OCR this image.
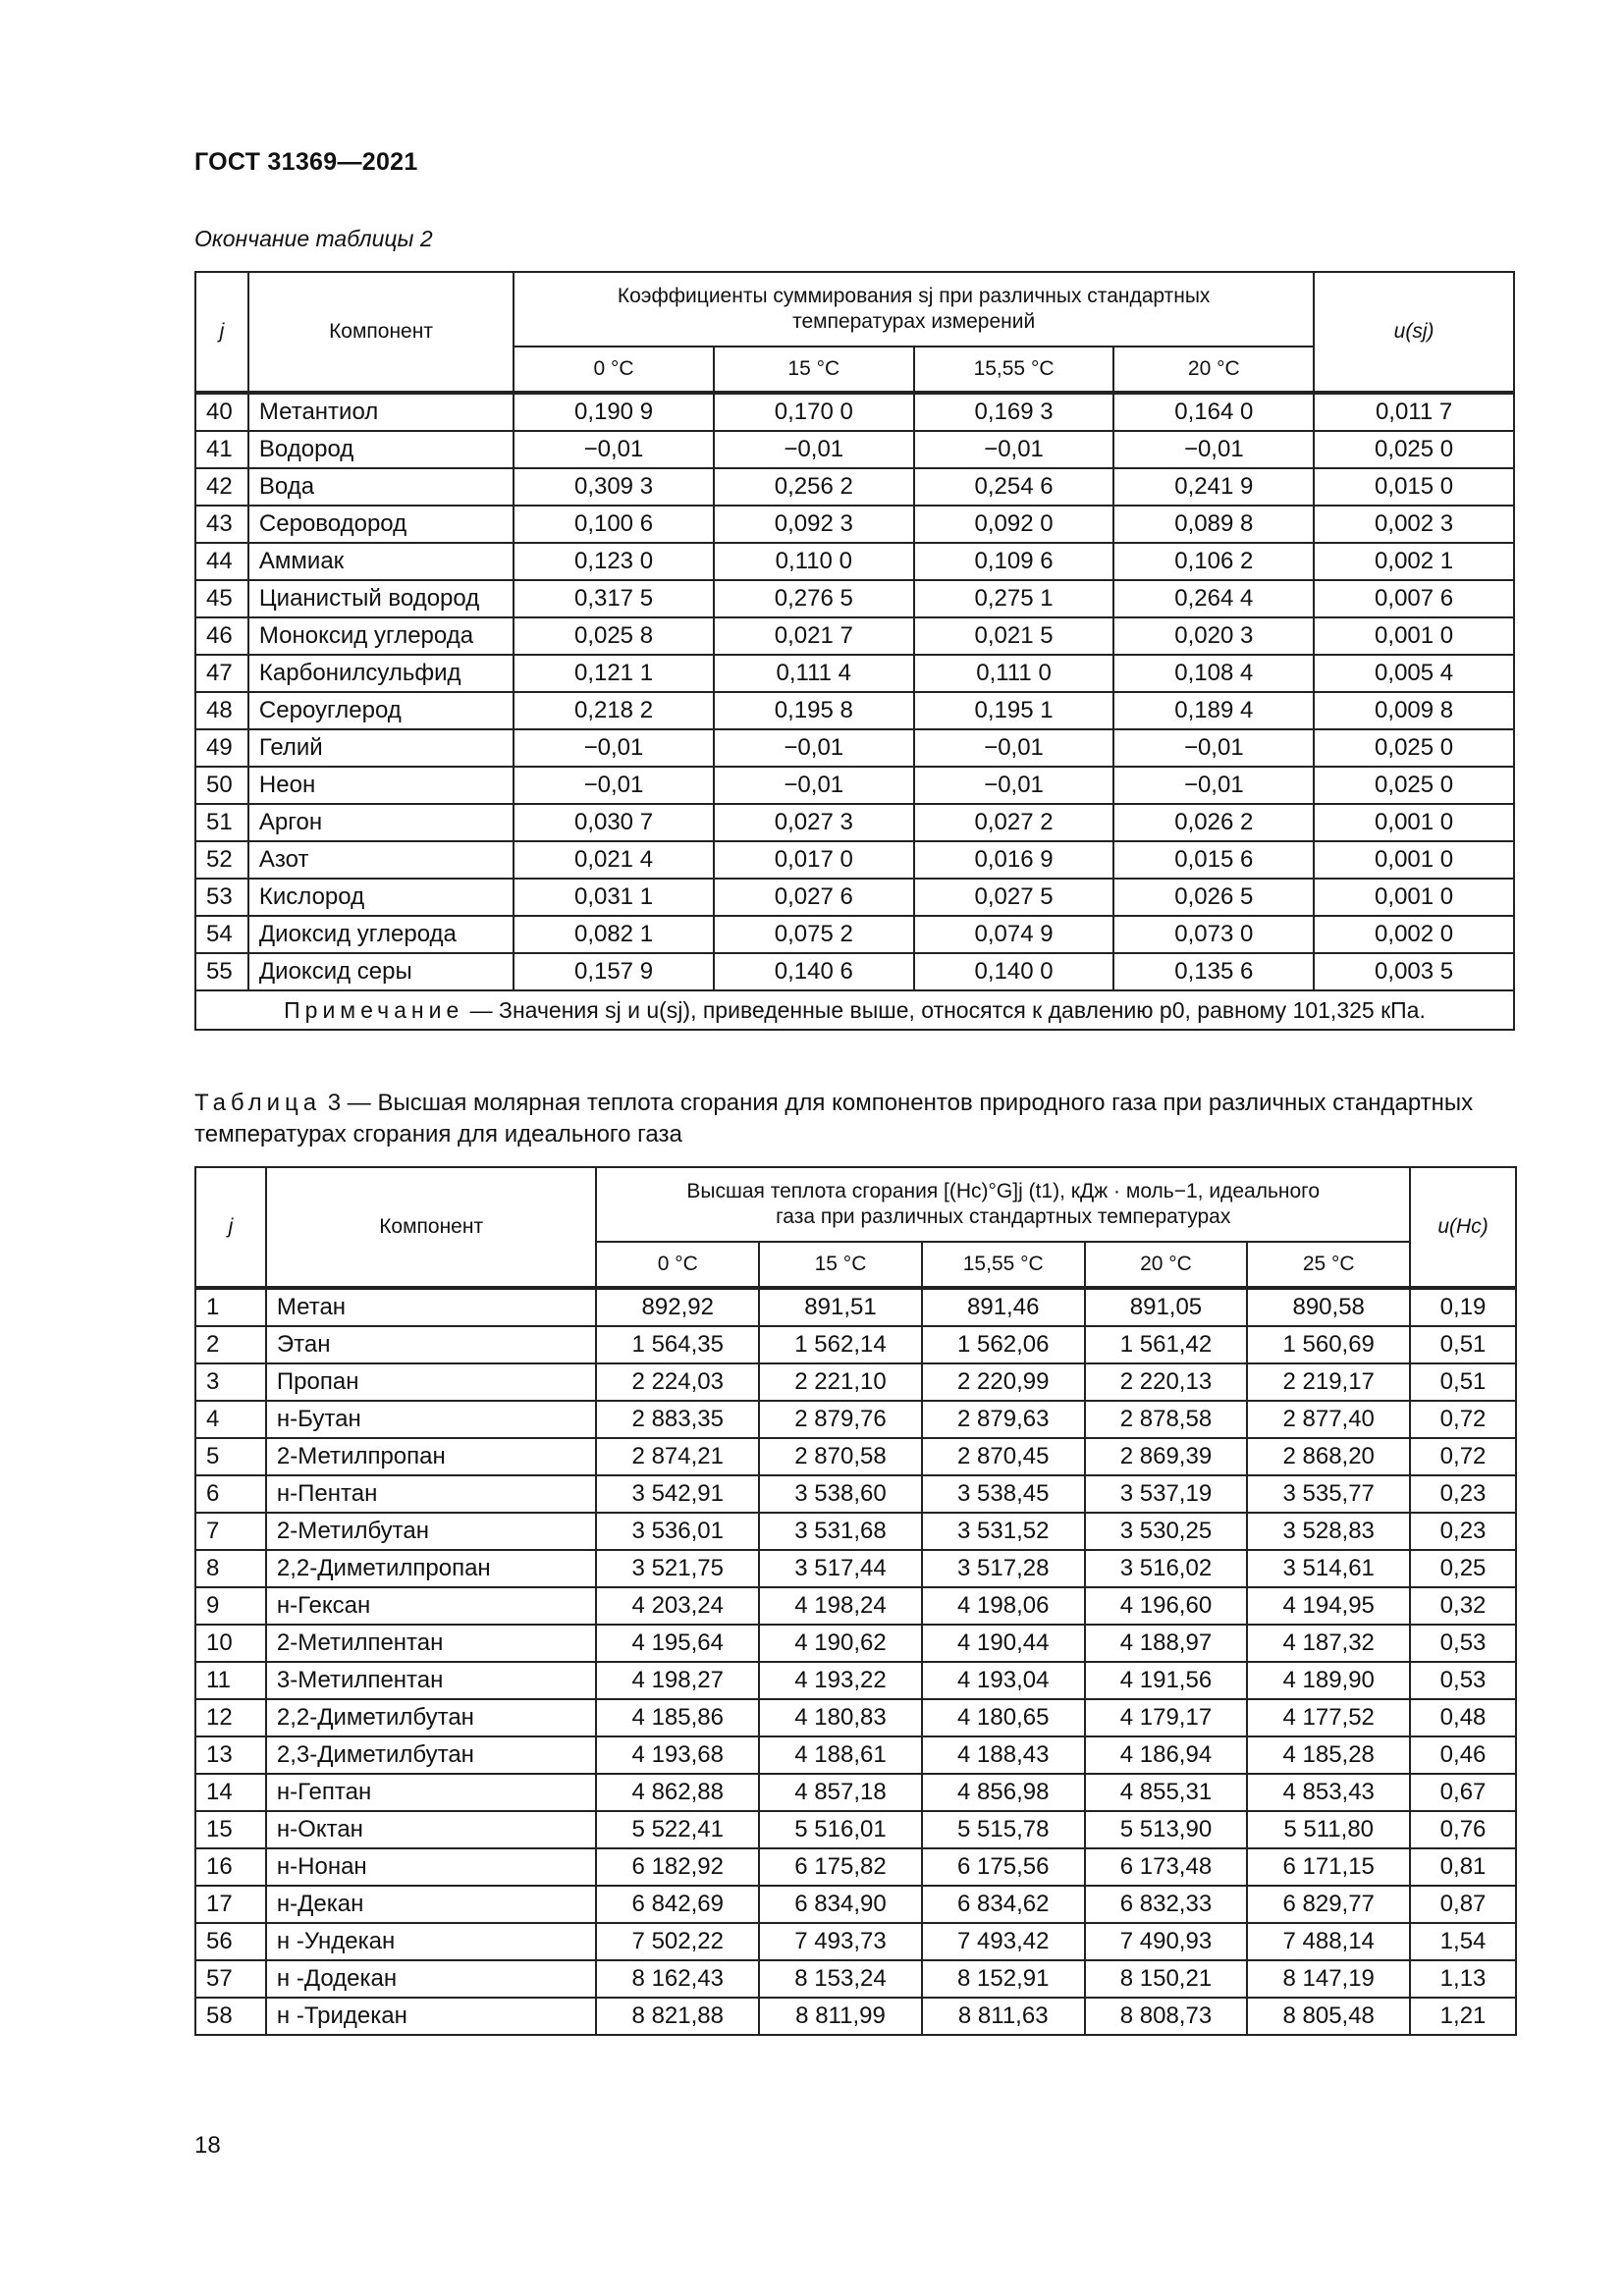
ГОСТ 31369—2021
Окончание таблицы 2
j	Компонент	Коэффициенты суммирования sj при различных стандартных температурах измерений				u(sj)
		0 °C	15 °C	15,55 °C	20 °C	
40	Метантиол	0,190 9	0,170 0	0,169 3	0,164 0	0,011 7
41	Водород	−0,01	−0,01	−0,01	−0,01	0,025 0
42	Вода	0,309 3	0,256 2	0,254 6	0,241 9	0,015 0
43	Сероводород	0,100 6	0,092 3	0,092 0	0,089 8	0,002 3
44	Аммиак	0,123 0	0,110 0	0,109 6	0,106 2	0,002 1
45	Цианистый водород	0,317 5	0,276 5	0,275 1	0,264 4	0,007 6
46	Моноксид углерода	0,025 8	0,021 7	0,021 5	0,020 3	0,001 0
47	Карбонилсульфид	0,121 1	0,111 4	0,111 0	0,108 4	0,005 4
48	Сероуглерод	0,218 2	0,195 8	0,195 1	0,189 4	0,009 8
49	Гелий	−0,01	−0,01	−0,01	−0,01	0,025 0
50	Неон	−0,01	−0,01	−0,01	−0,01	0,025 0
51	Аргон	0,030 7	0,027 3	0,027 2	0,026 2	0,001 0
52	Азот	0,021 4	0,017 0	0,016 9	0,015 6	0,001 0
53	Кислород	0,031 1	0,027 6	0,027 5	0,026 5	0,001 0
54	Диоксид углерода	0,082 1	0,075 2	0,074 9	0,073 0	0,002 0
55	Диоксид серы	0,157 9	0,140 6	0,140 0	0,135 6	0,003 5
Примечание — Значения sj и u(sj), приведенные выше, относятся к давлению p0, равному 101,325 кПа.						
Таблица 3 — Высшая молярная теплота сгорания для компонентов природного газа при различных стандартных температурах сгорания для идеального газа
j	Компонент	Высшая теплота сгорания [(Hc)°G]j (t1), кДж · моль−1, идеального газа при различных стандартных температурах					u(Hc)
		0 °C	15 °C	15,55 °C	20 °C	25 °C	
1	Метан	892,92	891,51	891,46	891,05	890,58	0,19
2	Этан	1 564,35	1 562,14	1 562,06	1 561,42	1 560,69	0,51
3	Пропан	2 224,03	2 221,10	2 220,99	2 220,13	2 219,17	0,51
4	н-Бутан	2 883,35	2 879,76	2 879,63	2 878,58	2 877,40	0,72
5	2-Метилпропан	2 874,21	2 870,58	2 870,45	2 869,39	2 868,20	0,72
6	н-Пентан	3 542,91	3 538,60	3 538,45	3 537,19	3 535,77	0,23
7	2-Метилбутан	3 536,01	3 531,68	3 531,52	3 530,25	3 528,83	0,23
8	2,2-Диметилпропан	3 521,75	3 517,44	3 517,28	3 516,02	3 514,61	0,25
9	н-Гексан	4 203,24	4 198,24	4 198,06	4 196,60	4 194,95	0,32
10	2-Метилпентан	4 195,64	4 190,62	4 190,44	4 188,97	4 187,32	0,53
11	3-Метилпентан	4 198,27	4 193,22	4 193,04	4 191,56	4 189,90	0,53
12	2,2-Диметилбутан	4 185,86	4 180,83	4 180,65	4 179,17	4 177,52	0,48
13	2,3-Диметилбутан	4 193,68	4 188,61	4 188,43	4 186,94	4 185,28	0,46
14	н-Гептан	4 862,88	4 857,18	4 856,98	4 855,31	4 853,43	0,67
15	н-Октан	5 522,41	5 516,01	5 515,78	5 513,90	5 511,80	0,76
16	н-Нонан	6 182,92	6 175,82	6 175,56	6 173,48	6 171,15	0,81
17	н-Декан	6 842,69	6 834,90	6 834,62	6 832,33	6 829,77	0,87
56	н -Ундекан	7 502,22	7 493,73	7 493,42	7 490,93	7 488,14	1,54
57	н -Додекан	8 162,43	8 153,24	8 152,91	8 150,21	8 147,19	1,13
58	н -Тридекан	8 821,88	8 811,99	8 811,63	8 808,73	8 805,48	1,21
18
